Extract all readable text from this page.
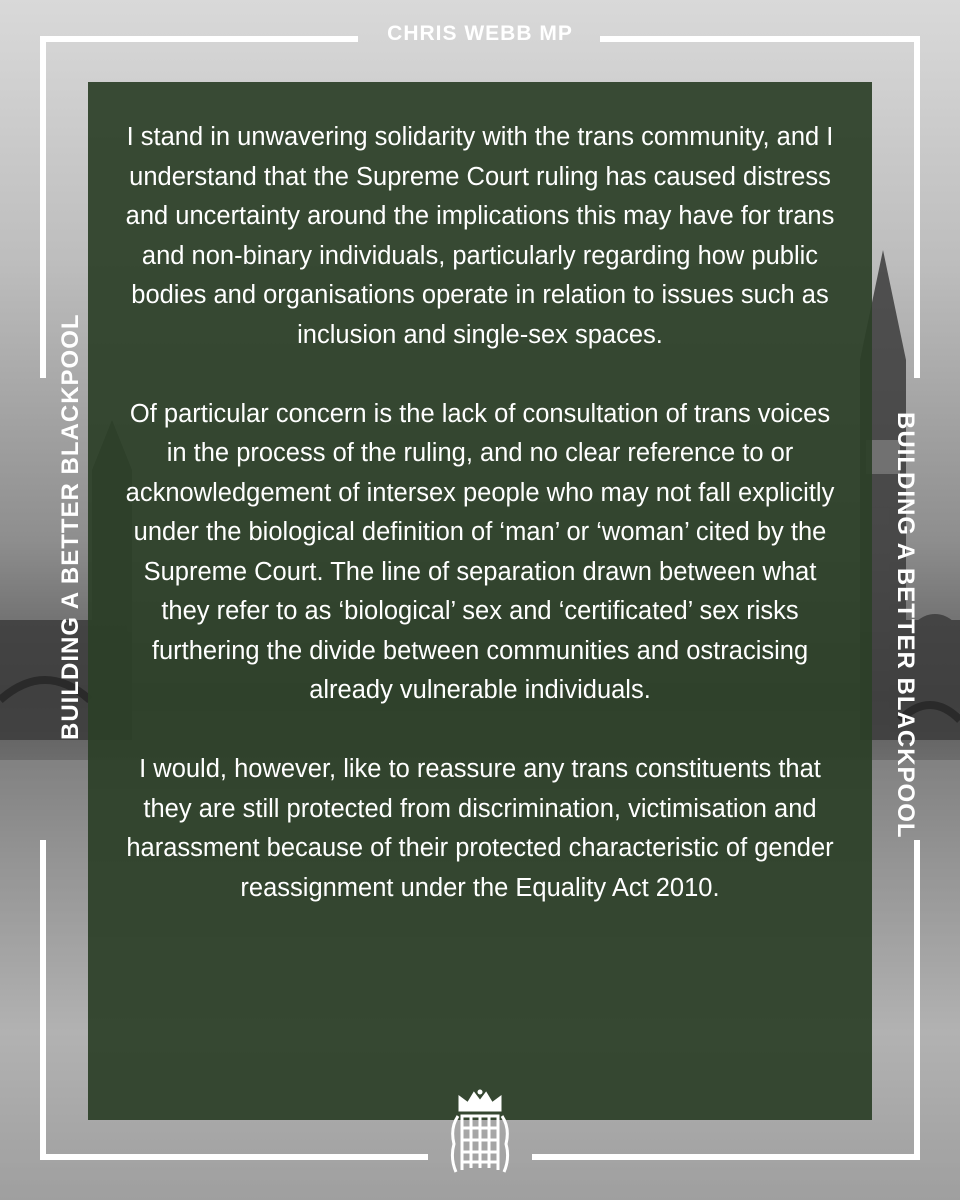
CHRIS WEBB MP
BUILDING A BETTER BLACKPOOL	BUILDING A BETTER BLACKPOOL

I stand in unwavering solidarity with the trans community, and I understand that the Supreme Court ruling has caused distress and uncertainty around the implications this may have for trans and non-binary individuals, particularly regarding how public bodies and organisations operate in relation to issues such as inclusion and single-sex spaces.

Of particular concern is the lack of consultation of trans voices in the process of the ruling, and no clear reference to or acknowledgement of intersex people who may not fall explicitly under the biological definition of ‘man’ or ‘woman’ cited by the Supreme Court. The line of separation drawn between what they refer to as ‘biological’ sex and ‘certificated’ sex risks furthering the divide between communities and ostracising already vulnerable individuals.

I would, however, like to reassure any trans constituents that they are still protected from discrimination, victimisation and harassment because of their protected characteristic of gender reassignment under the Equality Act 2010.
